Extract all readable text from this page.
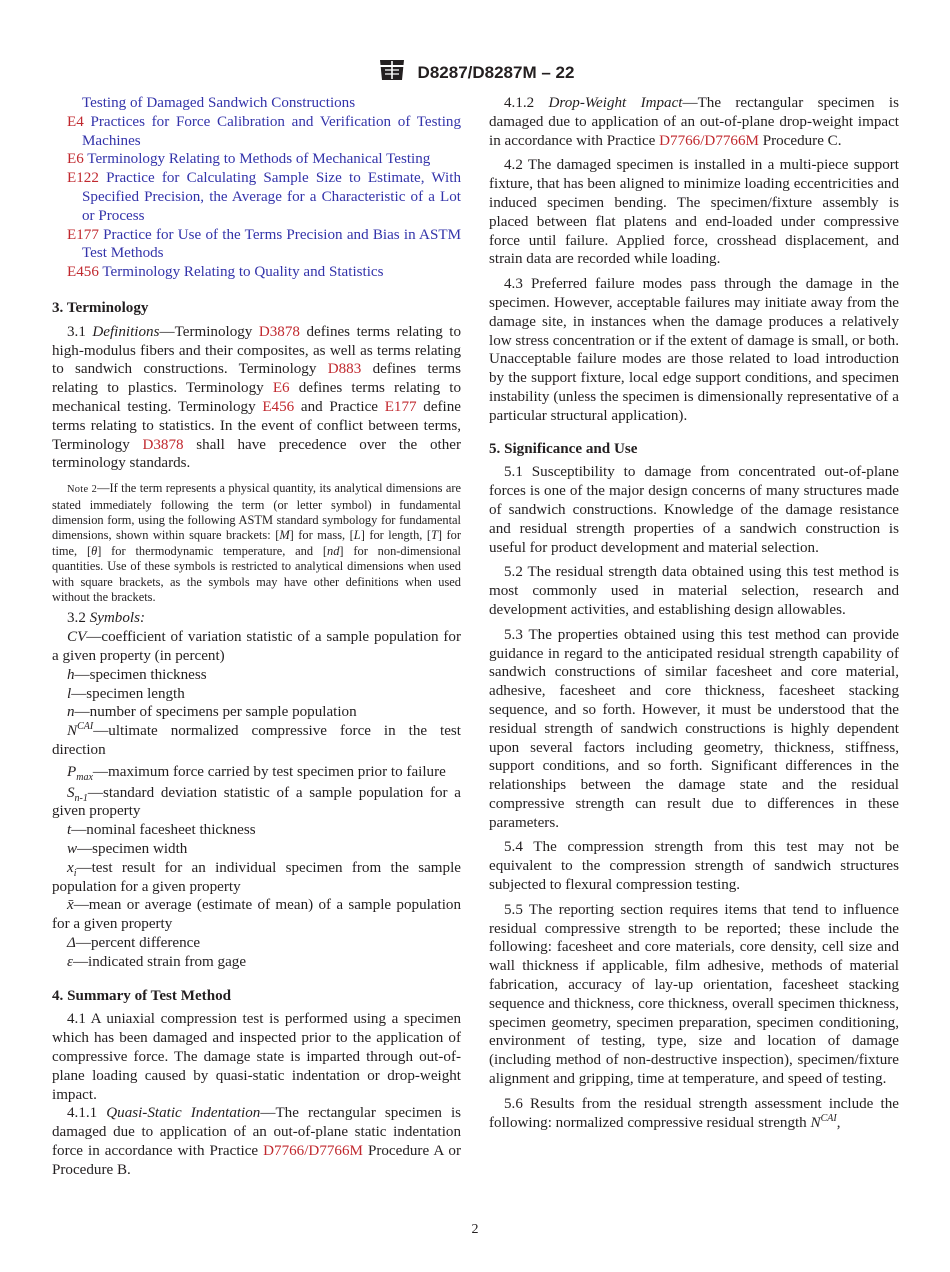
D8287/D8287M – 22

Testing of Damaged Sandwich Constructions

E4 Practices for Force Calibration and Verification of Testing Machines

E6 Terminology Relating to Methods of Mechanical Testing

E122 Practice for Calculating Sample Size to Estimate, With Specified Precision, the Average for a Characteristic of a Lot or Process

E177 Practice for Use of the Terms Precision and Bias in ASTM Test Methods

E456 Terminology Relating to Quality and Statistics

3. Terminology

3.1 Definitions—Terminology D3878 defines terms relating to high-modulus fibers and their composites, as well as terms relating to sandwich constructions. Terminology D883 defines terms relating to plastics. Terminology E6 defines terms relating to mechanical testing. Terminology E456 and Practice E177 define terms relating to statistics. In the event of conflict between terms, Terminology D3878 shall have precedence over the other terminology standards.

Note 2—If the term represents a physical quantity, its analytical dimensions are stated immediately following the term (or letter symbol) in fundamental dimension form, using the following ASTM standard symbology for fundamental dimensions, shown within square brackets: [M] for mass, [L] for length, [T] for time, [θ] for thermodynamic temperature, and [nd] for non-dimensional quantities. Use of these symbols is restricted to analytical dimensions when used with square brackets, as the symbols may have other definitions when used without the brackets.

3.2 Symbols:

CV—coefficient of variation statistic of a sample population for a given property (in percent)

h—specimen thickness

l—specimen length

n—number of specimens per sample population

$N^{CAI}—ultimate$ normalized compressive force in the test direction

$P_{max}—maximum$ force carried by test specimen prior to failure

$S_{n-1}—standard$ deviation statistic of a sample population for a given property

t—nominal facesheet thickness

w—specimen width

$x_i—test$ result for an individual specimen from the sample population for a given property

x̄—mean or average (estimate of mean) of a sample population for a given property

Δ—percent difference

ε—indicated strain from gage

4. Summary of Test Method

4.1 A uniaxial compression test is performed using a specimen which has been damaged and inspected prior to the application of compressive force. The damage state is imparted through out-of-plane loading caused by quasi-static indentation or drop-weight impact.

4.1.1 Quasi-Static Indentation—The rectangular specimen is damaged due to application of an out-of-plane static indentation force in accordance with Practice D7766/D7766M Procedure A or Procedure B.

4.1.2 Drop-Weight Impact—The rectangular specimen is damaged due to application of an out-of-plane drop-weight impact in accordance with Practice D7766/D7766M Procedure C.

4.2 The damaged specimen is installed in a multi-piece support fixture, that has been aligned to minimize loading eccentricities and induced specimen bending. The specimen/fixture assembly is placed between flat platens and end-loaded under compressive force until failure. Applied force, crosshead displacement, and strain data are recorded while loading.

4.3 Preferred failure modes pass through the damage in the specimen. However, acceptable failures may initiate away from the damage site, in instances when the damage produces a relatively low stress concentration or if the extent of damage is small, or both. Unacceptable failure modes are those related to load introduction by the support fixture, local edge support conditions, and specimen instability (unless the specimen is dimensionally representative of a particular structural application).

5. Significance and Use

5.1 Susceptibility to damage from concentrated out-of-plane forces is one of the major design concerns of many structures made of sandwich constructions. Knowledge of the damage resistance and residual strength properties of a sandwich construction is useful for product development and material selection.

5.2 The residual strength data obtained using this test method is most commonly used in material selection, research and development activities, and establishing design allowables.

5.3 The properties obtained using this test method can provide guidance in regard to the anticipated residual strength capability of sandwich constructions of similar facesheet and core material, adhesive, facesheet and core thickness, facesheet stacking sequence, and so forth. However, it must be understood that the residual strength of sandwich constructions is highly dependent upon several factors including geometry, thickness, stiffness, support conditions, and so forth. Significant differences in the relationships between the damage state and the residual compressive strength can result due to differences in these parameters.

5.4 The compression strength from this test may not be equivalent to the compression strength of sandwich structures subjected to flexural compression testing.

5.5 The reporting section requires items that tend to influence residual compressive strength to be reported; these include the following: facesheet and core materials, core density, cell size and wall thickness if applicable, film adhesive, methods of material fabrication, accuracy of lay-up orientation, facesheet stacking sequence and thickness, core thickness, overall specimen thickness, specimen geometry, specimen preparation, specimen conditioning, environment of testing, type, size and location of damage (including method of non-destructive inspection), specimen/fixture alignment and gripping, time at temperature, and speed of testing.

5.6 Results from the residual strength assessment include the following: normalized compressive residual strength $N^{CAI}$,

2
